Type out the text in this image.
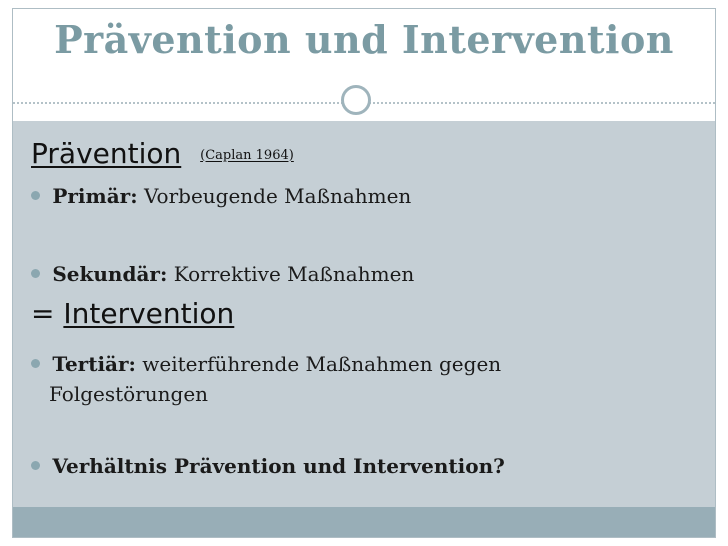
Prävention und Intervention
Prävention (Caplan 1964)
Primär: Vorbeugende Maßnahmen
Sekundär: Korrektive Maßnahmen
= Intervention
Tertiär: weiterführende Maßnahmen gegen
Folgestörungen
Verhältnis Prävention und Intervention?
